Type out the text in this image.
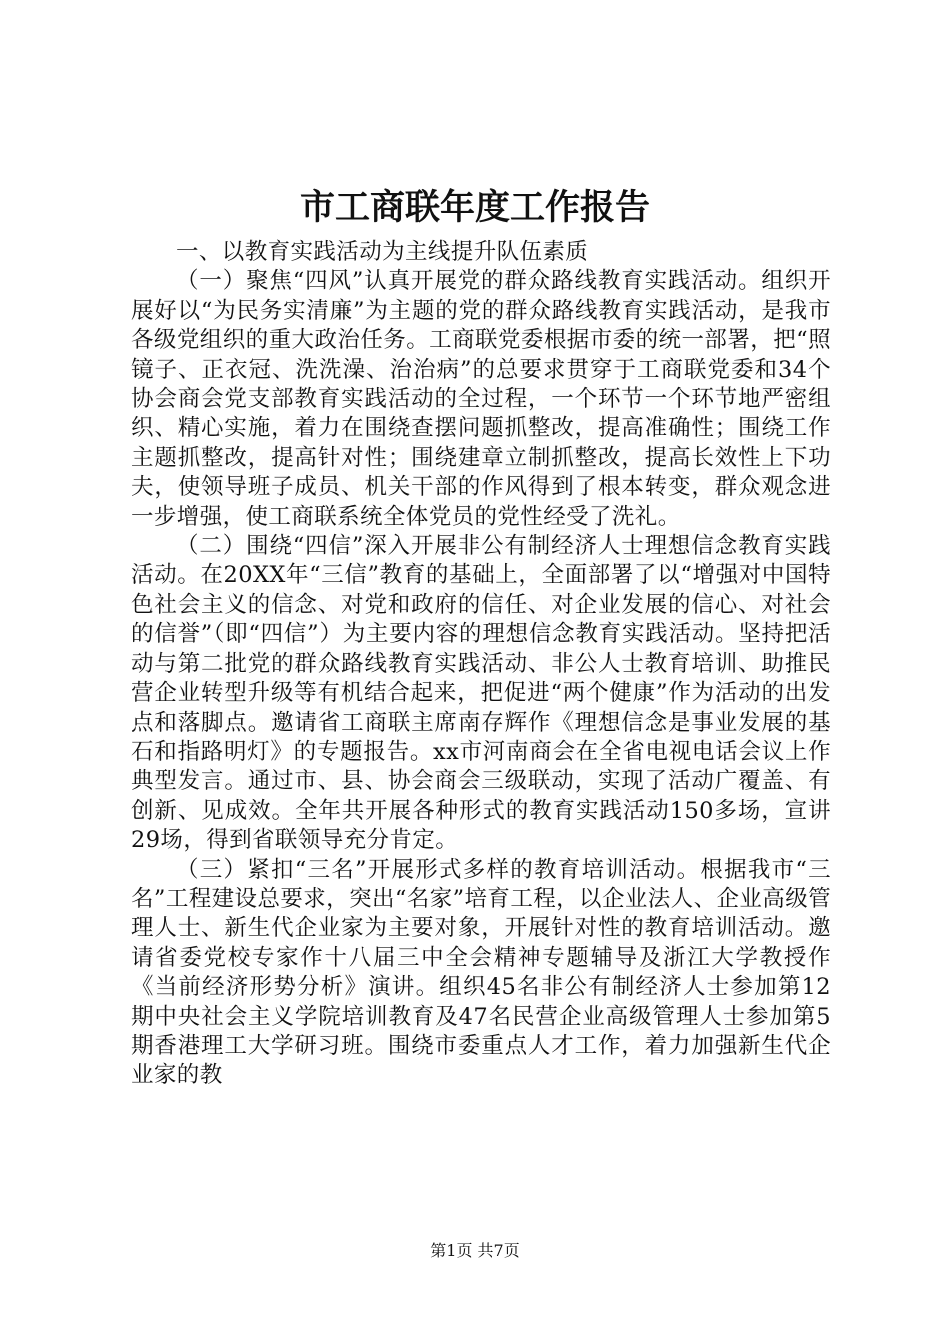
市工商联年度工作报告

一、以教育实践活动为主线提升队伍素质

（一）聚焦“四风”认真开展党的群众路线教育实践活动。组织开展好以“为民务实清廉”为主题的党的群众路线教育实践活动，是我市各级党组织的重大政治任务。工商联党委根据市委的统一部署，把“照镜子、正衣冠、洗洗澡、治治病”的总要求贯穿于工商联党委和34个协会商会党支部教育实践活动的全过程，一个环节一个环节地严密组织、精心实施，着力在围绕查摆问题抓整改，提高准确性；围绕工作主题抓整改，提高针对性；围绕建章立制抓整改，提高长效性上下功夫，使领导班子成员、机关干部的作风得到了根本转变，群众观念进一步增强，使工商联系统全体党员的党性经受了洗礼。

（二）围绕“四信”深入开展非公有制经济人士理想信念教育实践活动。在20XX年“三信”教育的基础上，全面部署了以“增强对中国特色社会主义的信念、对党和政府的信任、对企业发展的信心、对社会的信誉”（即“四信”）为主要内容的理想信念教育实践活动。坚持把活动与第二批党的群众路线教育实践活动、非公人士教育培训、助推民营企业转型升级等有机结合起来，把促进“两个健康”作为活动的出发点和落脚点。邀请省工商联主席南存辉作《理想信念是事业发展的基石和指路明灯》的专题报告。xx市河南商会在全省电视电话会议上作典型发言。通过市、县、协会商会三级联动，实现了活动广覆盖、有创新、见成效。全年共开展各种形式的教育实践活动150多场，宣讲29场，得到省联领导充分肯定。

（三）紧扣“三名”开展形式多样的教育培训活动。根据我市“三名”工程建设总要求，突出“名家”培育工程，以企业法人、企业高级管理人士、新生代企业家为主要对象，开展针对性的教育培训活动。邀请省委党校专家作十八届三中全会精神专题辅导及浙江大学教授作《当前经济形势分析》演讲。组织45名非公有制经济人士参加第12期中央社会主义学院培训教育及47名民营企业高级管理人士参加第5期香港理工大学研习班。围绕市委重点人才工作，着力加强新生代企业家的教

第1页 共7页
